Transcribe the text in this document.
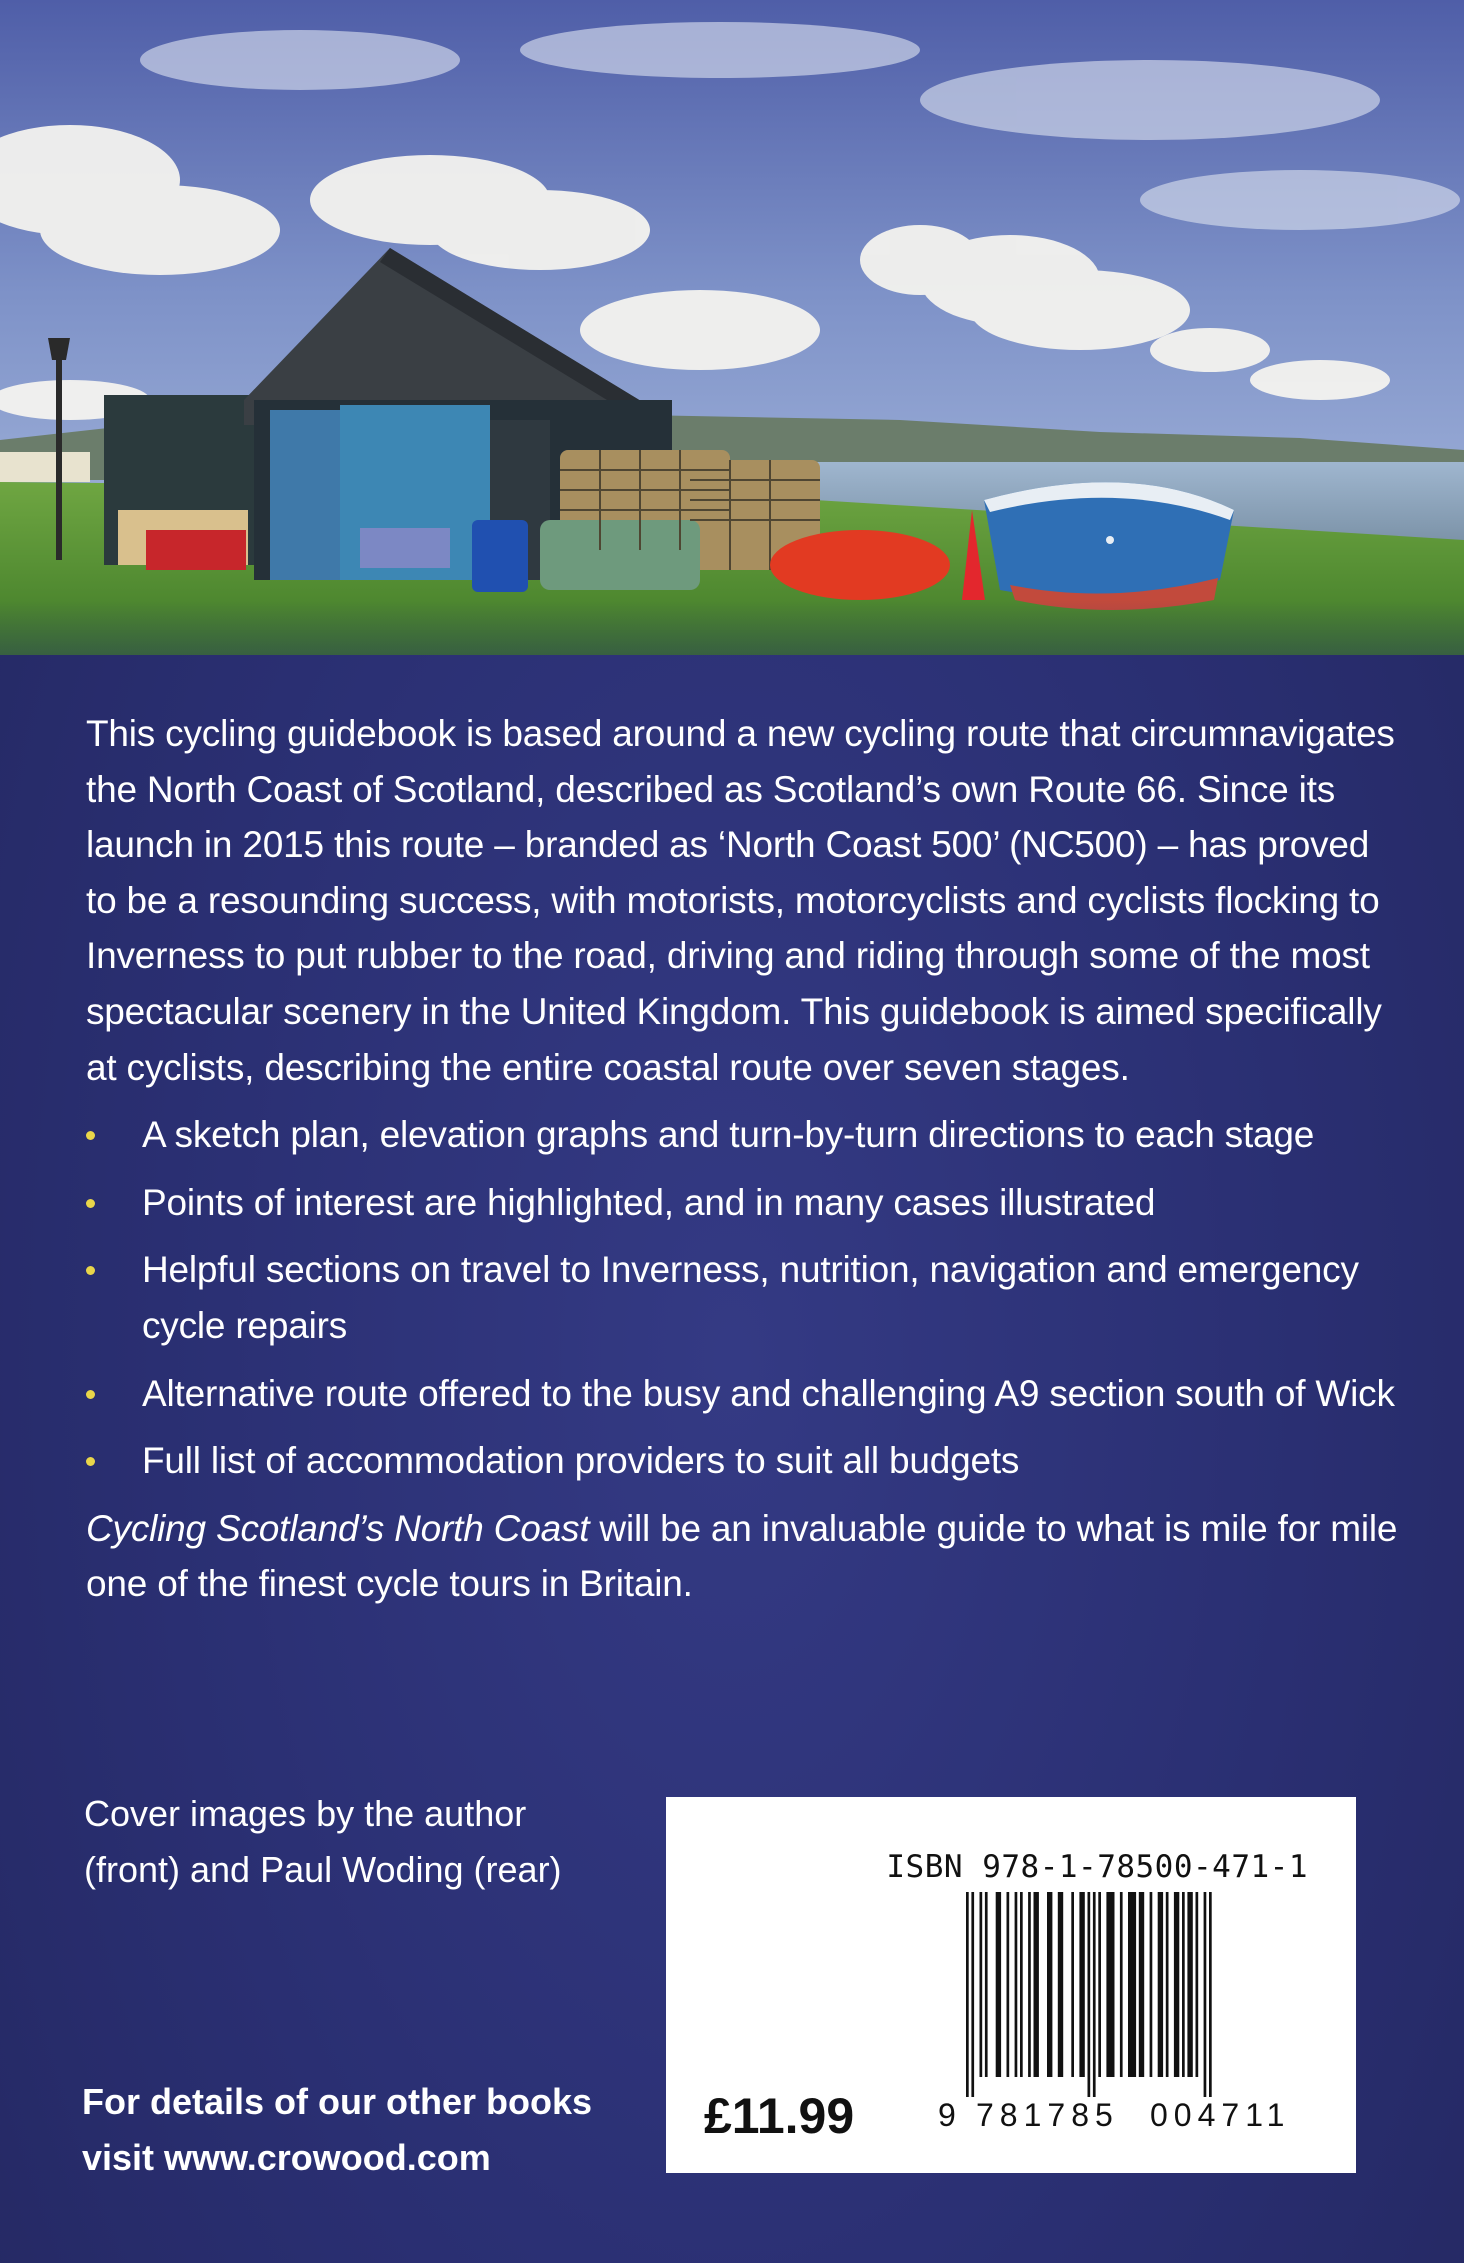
This cycling guidebook is based around a new cycling route that circumnavigates the North Coast of Scotland, described as Scotland’s own Route 66. Since its launch in 2015 this route – branded as ‘North Coast 500’ (NC500) – has proved to be a resounding success, with motorists, motorcyclists and cyclists flocking to Inverness to put rubber to the road, driving and riding through some of the most spectacular scenery in the United Kingdom. This guidebook is aimed specifically at cyclists, describing the entire coastal route over seven stages.

A sketch plan, elevation graphs and turn-by-turn directions to each stage
Points of interest are highlighted, and in many cases illustrated
Helpful sections on travel to Inverness, nutrition, navigation and emergency cycle repairs
Alternative route offered to the busy and challenging A9 section south of Wick
Full list of accommodation providers to suit all budgets

Cycling Scotland’s North Coast will be an invaluable guide to what is mile for mile one of the finest cycle tours in Britain.

Cover images by the author

(front) and Paul Woding (rear)

For details of our other books

visit www.crowood.com

ISBN 978-1-78500-471-1
£11.99	9 781785 004711
